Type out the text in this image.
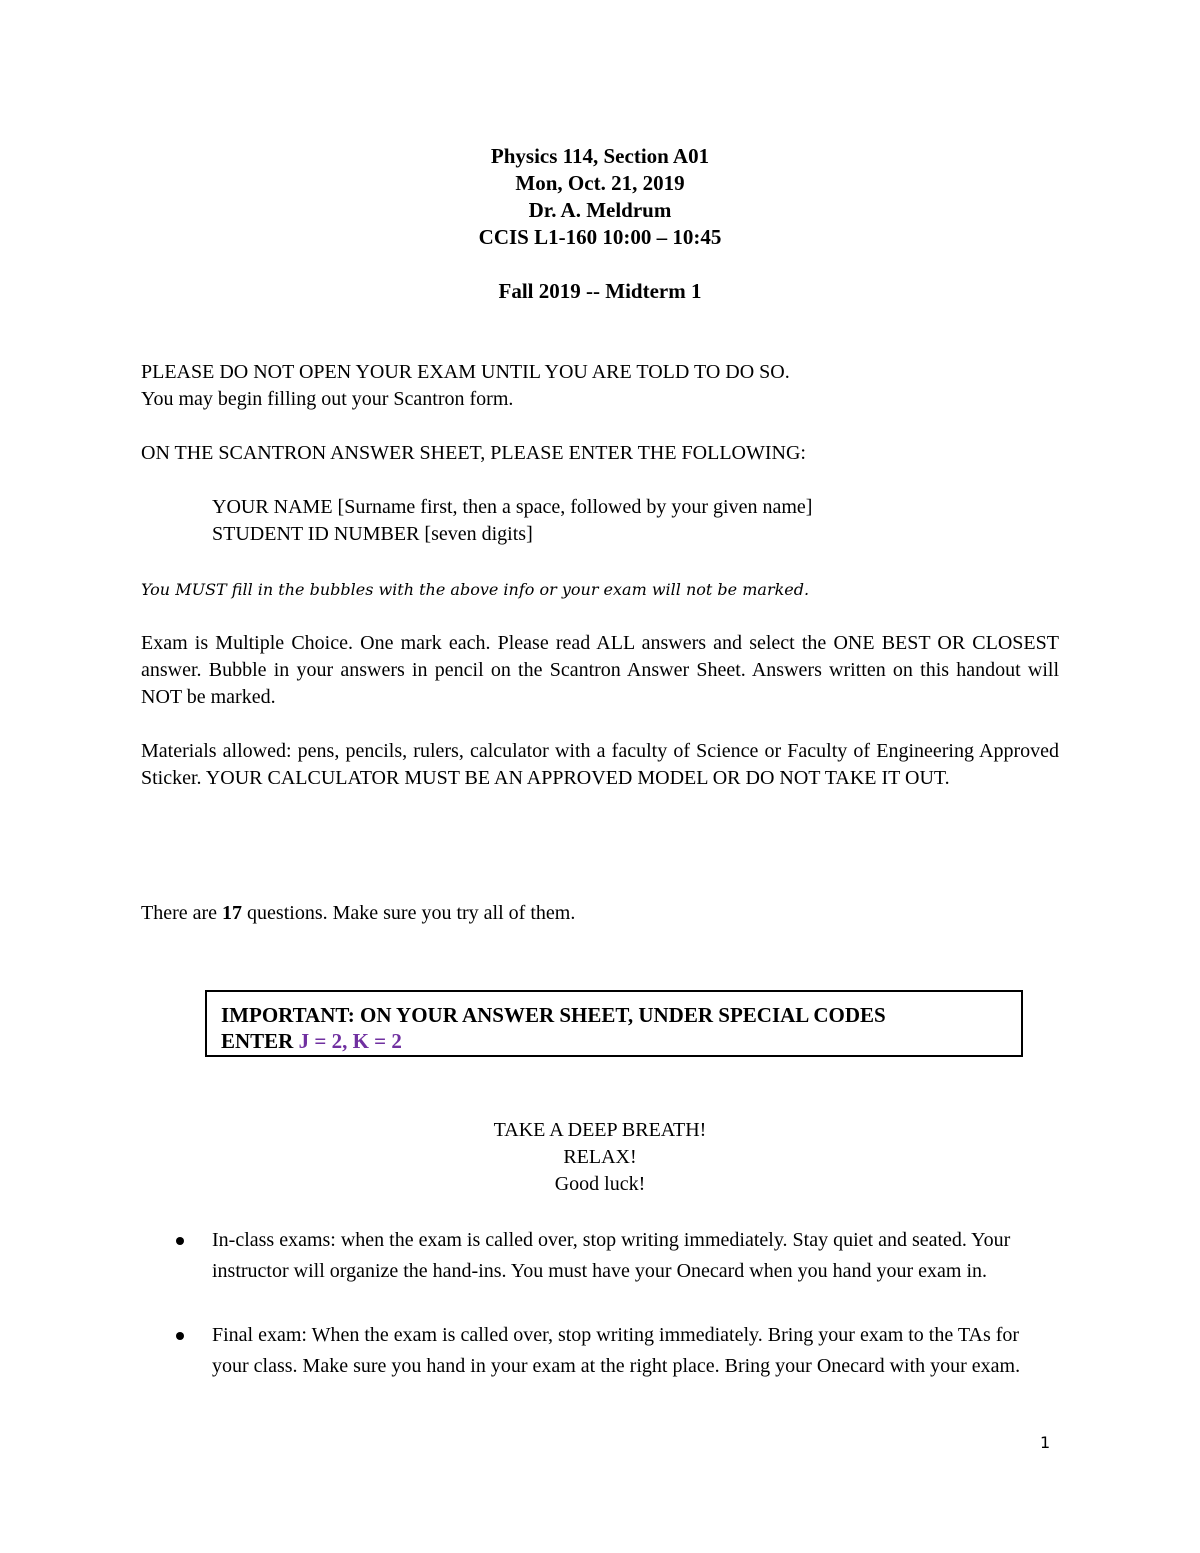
Physics 114, Section A01
Mon, Oct. 21, 2019
Dr. A. Meldrum
CCIS L1-160 10:00 – 10:45
Fall 2019 -- Midterm 1
PLEASE DO NOT OPEN YOUR EXAM UNTIL YOU ARE TOLD TO DO SO.
You may begin filling out your Scantron form.
ON THE SCANTRON ANSWER SHEET, PLEASE ENTER THE FOLLOWING:
YOUR NAME [Surname first, then a space, followed by your given name]
STUDENT ID NUMBER [seven digits]
You MUST fill in the bubbles with the above info or your exam will not be marked.
Exam is Multiple Choice. One mark each. Please read ALL answers and select the ONE BEST OR CLOSEST answer. Bubble in your answers in pencil on the Scantron Answer Sheet. Answers written on this handout will NOT be marked.
Materials allowed: pens, pencils, rulers, calculator with a faculty of Science or Faculty of Engineering Approved Sticker. YOUR CALCULATOR MUST BE AN APPROVED MODEL OR DO NOT TAKE IT OUT.
There are 17 questions. Make sure you try all of them.
IMPORTANT: ON YOUR ANSWER SHEET, UNDER SPECIAL CODES
ENTER J = 2, K = 2
TAKE A DEEP BREATH!
RELAX!
Good luck!
In-class exams: when the exam is called over, stop writing immediately. Stay quiet and seated. Your instructor will organize the hand-ins. You must have your Onecard when you hand your exam in.
Final exam: When the exam is called over, stop writing immediately. Bring your exam to the TAs for your class. Make sure you hand in your exam at the right place. Bring your Onecard with your exam.
1
